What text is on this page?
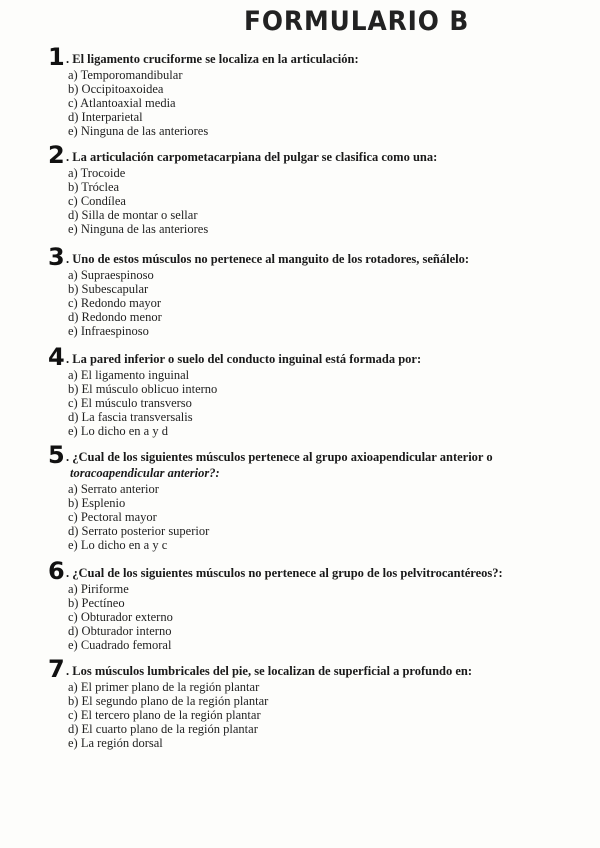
FORMULARIO B
1 . El ligamento cruciforme se localiza en la articulación:
a) Temporomandibular
b) Occipitoaxoidea
c) Atlantoaxial media
d) Interparietal
e) Ninguna de las anteriores
2 . La articulación carpometacarpiana del pulgar se clasifica como una:
a) Trocoide
b) Tróclea
c) Condílea
d) Silla de montar o sellar
e) Ninguna de las anteriores
3 . Uno de estos músculos no pertenece al manguito de los rotadores, señálelo:
a) Supraespinoso
b) Subescapular
c) Redondo mayor
d) Redondo menor
e) Infraespinoso
4 . La pared inferior o suelo del conducto inguinal está formada por:
a) El ligamento inguinal
b) El músculo oblicuo interno
c) El músculo transverso
d) La fascia transversalis
e) Lo dicho en a y d
5 . ¿Cual de los siguientes músculos pertenece al grupo axioapendicular anterior o
toracoapendicular anterior?:
a) Serrato anterior
b) Esplenio
c) Pectoral mayor
d) Serrato posterior superior
e) Lo dicho en a y c
6 . ¿Cual de los siguientes músculos no pertenece al grupo de los pelvitrocantéreos?:
a) Piriforme
b) Pectíneo
c) Obturador externo
d) Obturador interno
e) Cuadrado femoral
7 . Los músculos lumbricales del pie, se localizan de superficial a profundo en:
a) El primer plano de la región plantar
b) El segundo plano de la región plantar
c) El tercero plano de la región plantar
d) El cuarto plano de la región plantar
e) La región dorsal
